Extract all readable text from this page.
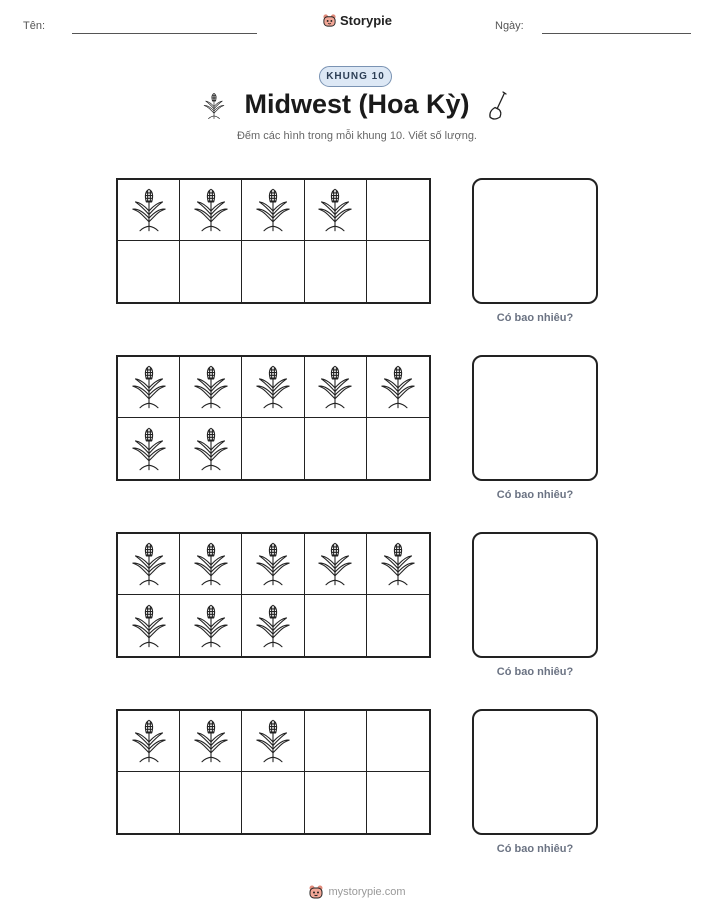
Tên:	Storypie	Ngày:
KHUNG 10
Midwest (Hoa Kỳ)
Đếm các hình trong mỗi khung 10. Viết số lượng.
Có bao nhiêu?
Có bao nhiêu?
Có bao nhiêu?
Có bao nhiêu?
mystorypie.com
